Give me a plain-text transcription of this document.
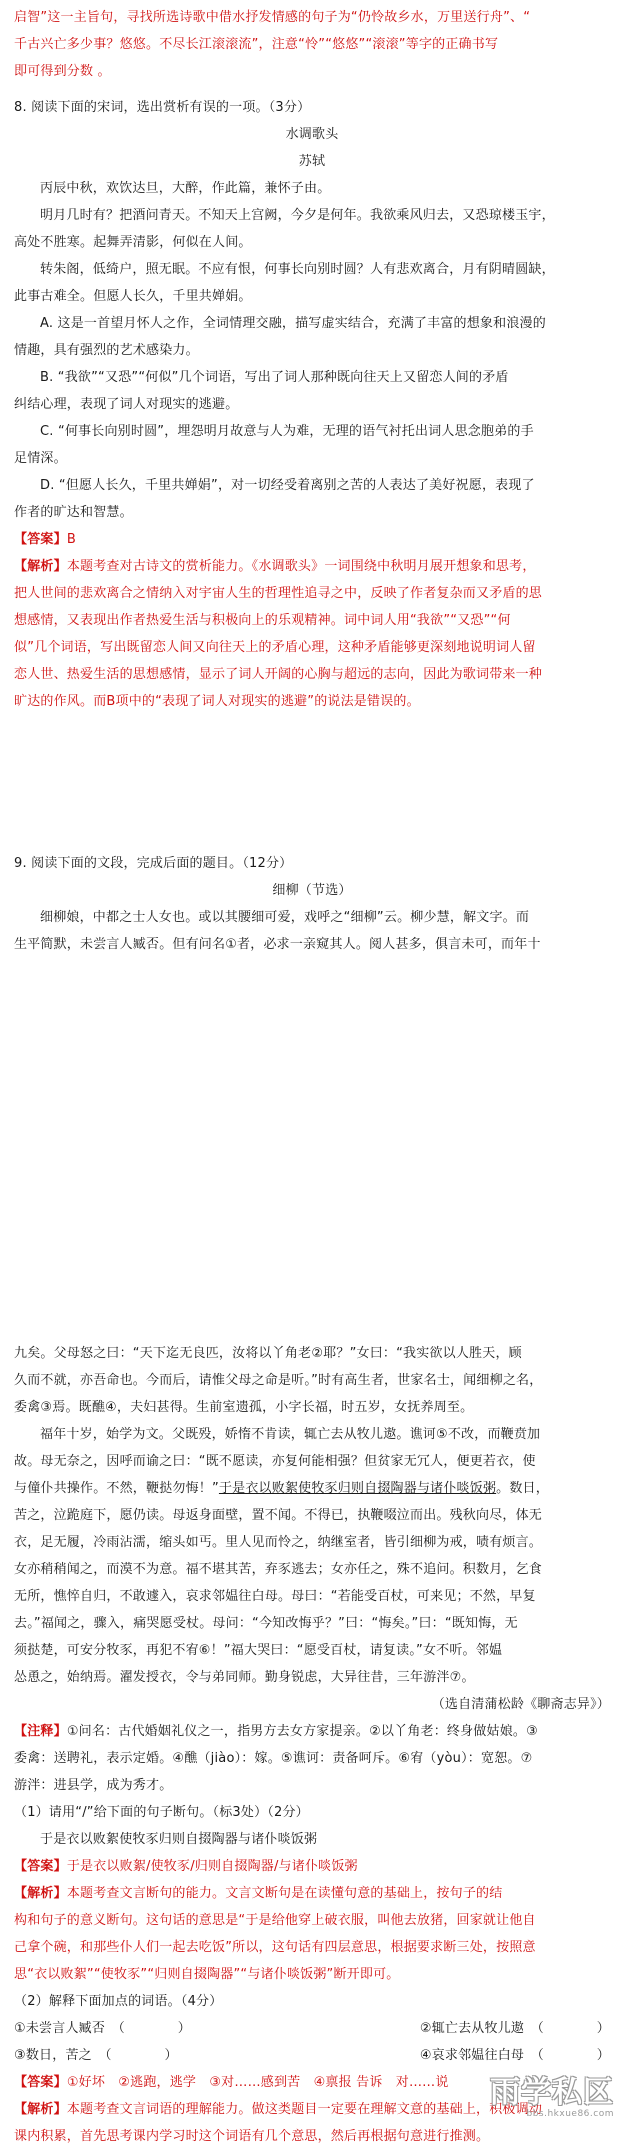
启智”这一主旨句，寻找所选诗歌中借水抒发情感的句子为“仍怜故乡水，万里送行舟”、“

千古兴亡多少事？悠悠。不尽长江滚滚流”，注意“怜”“悠悠”“滚滚”等字的正确书写

即可得到分数 。

8. 阅读下面的宋词，选出赏析有误的一项。（3分）

水调歌头

苏轼

丙辰中秋，欢饮达旦，大醉，作此篇，兼怀子由。

明月几时有？把酒问青天。不知天上宫阙，今夕是何年。我欲乘风归去，又恐琼楼玉宇，

高处不胜寒。起舞弄清影，何似在人间。

转朱阁，低绮户，照无眠。不应有恨，何事长向别时圆？人有悲欢离合，月有阴晴圆缺，

此事古难全。但愿人长久，千里共婵娟。

A. 这是一首望月怀人之作，全词情理交融，描写虚实结合，充满了丰富的想象和浪漫的

情趣，具有强烈的艺术感染力。

B. “我欲”“又恐”“何似”几个词语，写出了词人那种既向往天上又留恋人间的矛盾

纠结心理，表现了词人对现实的逃避。

C. “何事长向别时圆”，埋怨明月故意与人为难，无理的语气衬托出词人思念胞弟的手

足情深。

D. “但愿人长久，千里共婵娟”，对一切经受着离别之苦的人表达了美好祝愿，表现了

作者的旷达和智慧。

【答案】B

【解析】本题考查对古诗文的赏析能力。《水调歌头》一词围绕中秋明月展开想象和思考，

把人世间的悲欢离合之情纳入对宇宙人生的哲理性追寻之中，反映了作者复杂而又矛盾的思

想感情，又表现出作者热爱生活与积极向上的乐观精神。词中词人用“我欲”“又恐”“何

似”几个词语，写出既留恋人间又向往天上的矛盾心理，这种矛盾能够更深刻地说明词人留

恋人世、热爱生活的思想感情，显示了词人开阔的心胸与超远的志向，因此为歌词带来一种

旷达的作风。而B项中的“表现了词人对现实的逃避”的说法是错误的。

9. 阅读下面的文段，完成后面的题目。（12分）

细柳（节选）

细柳娘，中都之士人女也。或以其腰细可爱，戏呼之“细柳”云。柳少慧，解文字。而

生平简默，未尝言人臧否。但有问名①者，必求一亲窥其人。阅人甚多，俱言未可，而年十

九矣。父母怒之曰：“天下迄无良匹，汝将以丫角老②耶？”女曰：“我实欲以人胜天，顾

久而不就，亦吾命也。今而后，请惟父母之命是听。”时有高生者，世家名士，闻细柳之名，

委禽③焉。既醮④，夫妇甚得。生前室遗孤，小字长福，时五岁，女抚养周至。

福年十岁，始学为文。父既殁，娇惰不肯读，辄亡去从牧儿遨。谯诃⑤不改，而鞭贲加

故。母无奈之，因呼而谕之曰：“既不愿读，亦复何能相强？但贫家无冗人，便更若衣，使

与僮仆共操作。不然，鞭挞勿悔！”于是衣以败絮使牧豕归则自掇陶器与诸仆啖饭粥。数日，

苦之，泣跪庭下，愿仍读。母返身面壁，置不闻。不得已，执鞭啜泣而出。残秋向尽，体无

衣，足无履，冷雨沾濡，缩头如丐。里人见而怜之，纳继室者，皆引细柳为戒，啧有烦言。

女亦稍稍闻之，而漠不为意。福不堪其苦，弃豕逃去；女亦任之，殊不追问。积数月，乞食

无所，憔悴自归，不敢遽入，哀求邻媪往白母。母曰：“若能受百杖，可来见；不然，早复

去。”福闻之，骤入，痛哭愿受杖。母问：“今知改悔乎？”曰：“悔矣。”曰：“既知悔，无

须挞楚，可安分牧豕，再犯不宥⑥！”福大哭曰：“愿受百杖，请复读。”女不听。邻媪

怂恿之，始纳焉。濯发授衣，令与弟同师。勤身锐虑，大异往昔，三年游泮⑦。

（选自清蒲松龄《聊斋志异》）

【注释】①问名：古代婚姻礼仪之一，指男方去女方家提亲。②以丫角老：终身做姑娘。③

委禽：送聘礼，表示定婚。④醮（jiào）：嫁。⑤谯诃：责备呵斥。⑥宥（yòu）：宽恕。⑦

游泮：进县学，成为秀才。

（1）请用“/”给下面的句子断句。（标3处）（2分）

于是衣以败絮使牧豕归则自掇陶器与诸仆啖饭粥

【答案】于是衣以败絮/使牧豕/归则自掇陶器/与诸仆啖饭粥

【解析】本题考查文言断句的能力。文言文断句是在读懂句意的基础上，按句子的结

构和句子的意义断句。这句话的意思是“于是给他穿上破衣服，叫他去放猪，回家就让他自

己拿个碗，和那些仆人们一起去吃饭”所以，这句话有四层意思，根据要求断三处，按照意

思“衣以败絮”“使牧豕”“归则自掇陶器”“与诸仆啖饭粥”断开即可。

（2）解释下面加点的词语。（4分）

①未尝言人臧否　（　　　　）	②辄亡去从牧儿遨　（　　　　）

③数日，苦之　（　　　　）	④哀求邻媪往白母　（　　　　）

【答案】①好坏　②逃跑，逃学　③对……感到苦　④禀报 告诉　对……说

【解析】本题考查文言词语的理解能力。做这类题目一定要在理解文意的基础上，积极调动

课内积累，首先思考课内学习时这个词语有几个意思，然后再根据句意进行推测。

雨学私区
bbs.hkxue86.com
